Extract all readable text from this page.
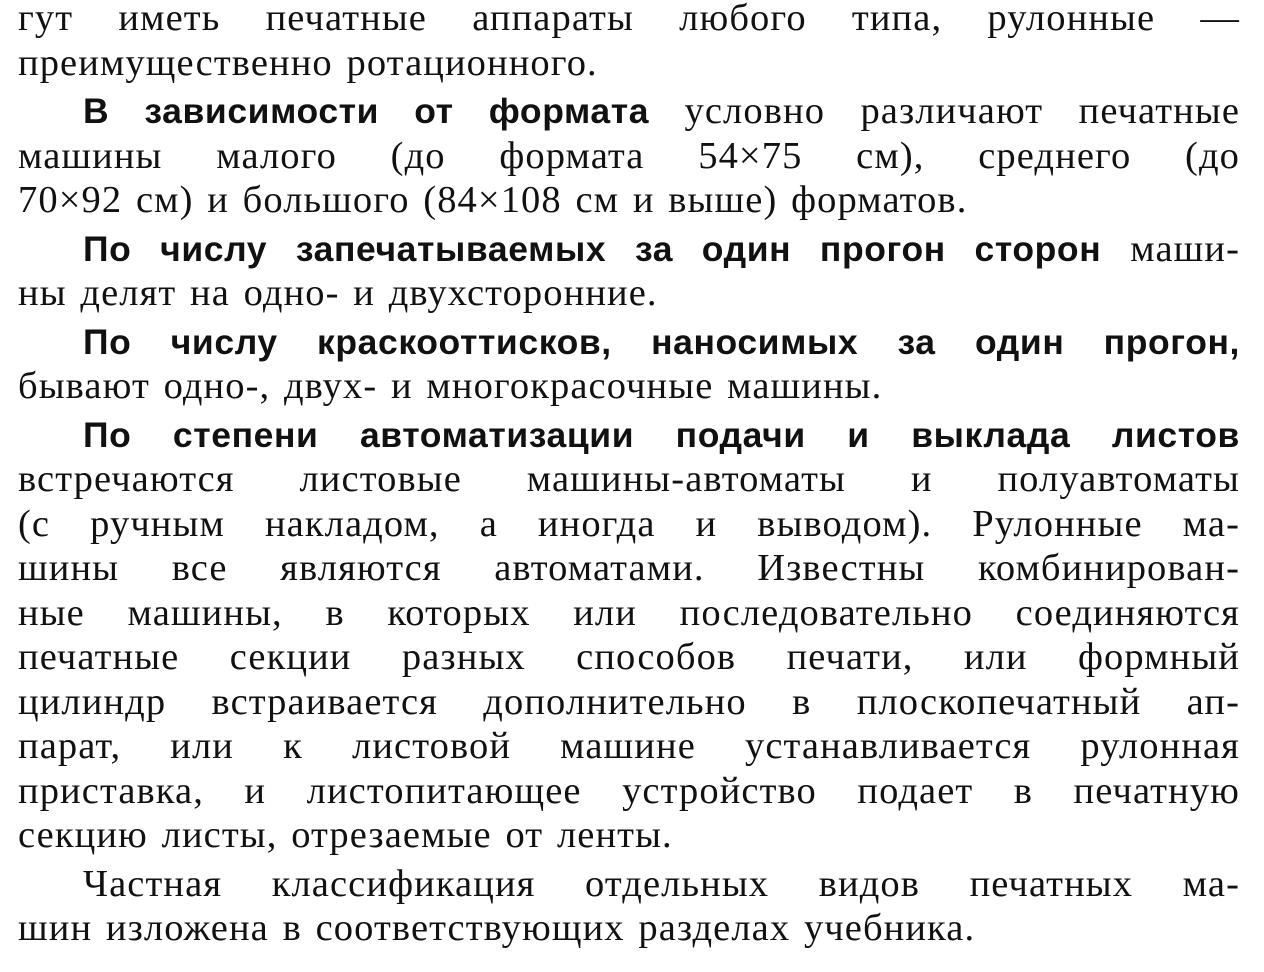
гут иметь печатные аппараты любого типа, рулонные —
преимущественно ротационного.
В зависимости от формата условно различают печатные
машины малого (до формата 54×75 см), среднего (до
70×92 см) и большого (84×108 см и выше) форматов.
По числу запечатываемых за один прогон сторон маши-
ны делят на одно- и двухсторонние.
По числу краскооттисков, наносимых за один прогон,
бывают одно-, двух- и многокрасочные машины.
По степени автоматизации подачи и выклада листов
встречаются листовые машины-автоматы и полуавтоматы
(с ручным накладом, а иногда и выводом). Рулонные ма-
шины все являются автоматами. Известны комбинирован-
ные машины, в которых или последовательно соединяются
печатные секции разных способов печати, или формный
цилиндр встраивается дополнительно в плоскопечатный ап-
парат, или к листовой машине устанавливается рулонная
приставка, и листопитающее устройство подает в печатную
секцию листы, отрезаемые от ленты.
Частная классификация отдельных видов печатных ма-
шин изложена в соответствующих разделах учебника.
